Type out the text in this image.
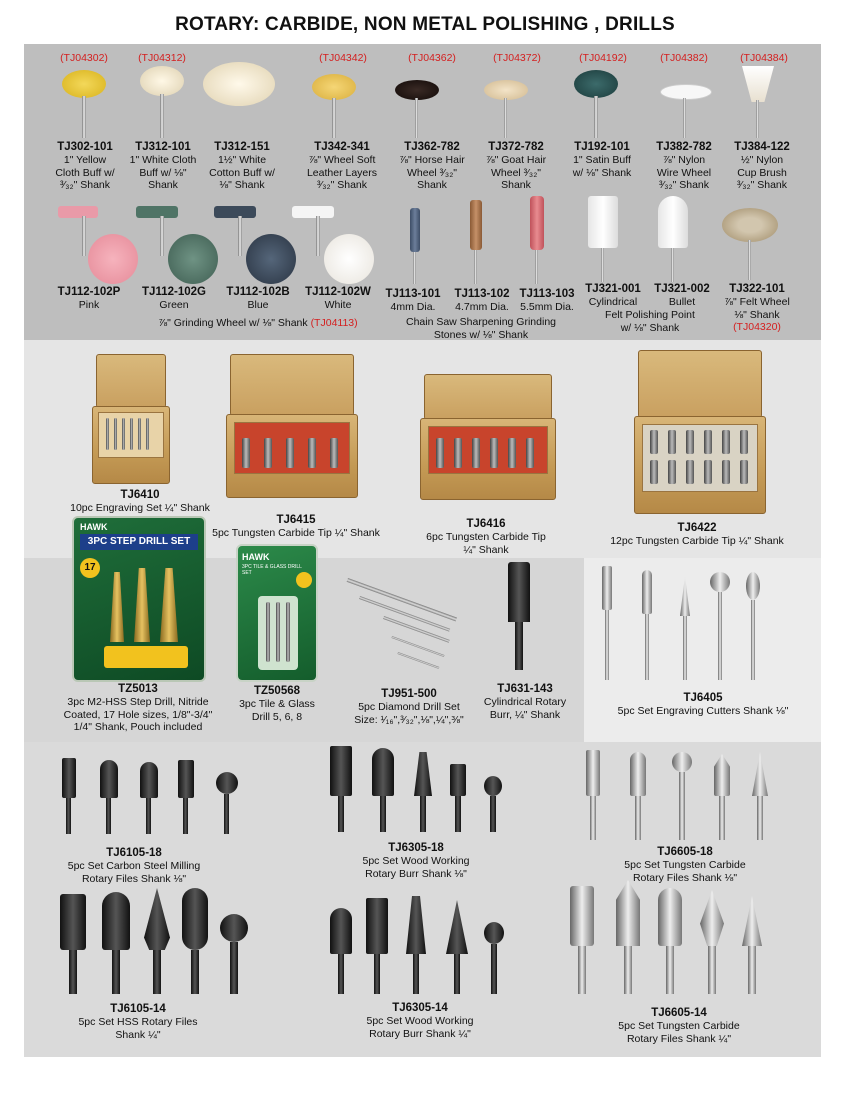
ROTARY: CARBIDE, NON METAL POLISHING , DRILLS
(TJ04302)	(TJ04312)	(TJ04342)	(TJ04362)	(TJ04372)	(TJ04192)	(TJ04382)	(TJ04384)
TJ302-101
1" Yellow
Cloth Buff w/
³⁄₃₂" Shank
TJ312-101
1" White Cloth
Buff w/ ⅛"
Shank
TJ312-151
1½" White
Cotton Buff w/
⅛" Shank
TJ342-341
⅞" Wheel Soft
Leather Layers
³⁄₃₂" Shank
TJ362-782
⅞" Horse Hair
Wheel ³⁄₃₂"
Shank
TJ372-782
⅞" Goat Hair
Wheel ³⁄₃₂"
Shank
TJ192-101
1" Satin Buff
w/ ⅛" Shank
TJ382-782
⅞" Nylon
Wire Wheel
³⁄₃₂" Shank
TJ384-122
½" Nylon
Cup Brush
³⁄₃₂" Shank
TJ112-102P
Pink
TJ112-102G
Green
TJ112-102B
Blue
TJ112-102W
White
⅞" Grinding Wheel w/ ⅛" Shank (TJ04113)
TJ113-101
4mm Dia.
TJ113-102
4.7mm Dia.
TJ113-103
5.5mm Dia.
Chain Saw Sharpening Grinding
Stones w/ ⅛" Shank
TJ321-001
Cylindrical
TJ321-002
Bullet
Felt Polishing Point
w/ ⅛" Shank
TJ322-101
⅞" Felt Wheel
⅛" Shank
(TJ04320)
TJ6410
10pc Engraving Set ¼" Shank
TJ6415
5pc Tungsten Carbide Tip ¼" Shank
TJ6416
6pc Tungsten Carbide Tip
¼" Shank
TJ6422
12pc Tungsten Carbide Tip ¼" Shank
HAWK
3PC STEP DRILL SET
17
HAWK
3PC TILE & GLASS DRILL SET
TZ5013
3pc M2-HSS Step Drill, Nitride
Coated, 17 Hole sizes, 1/8"-3/4"
1/4" Shank, Pouch included
TZ50568
3pc Tile & Glass
Drill 5, 6, 8
TJ951-500
5pc Diamond Drill Set
Size: ¹⁄₁₆",³⁄₃₂",⅛",¼",⅜"
TJ631-143
Cylindrical Rotary
Burr, ¼" Shank
TJ6405
5pc Set Engraving Cutters Shank ⅛"
TJ6105-18
5pc Set Carbon Steel Milling
Rotary Files Shank ⅛"
TJ6305-18
5pc Set Wood Working
Rotary Burr Shank ⅛"
TJ6605-18
5pc Set Tungsten Carbide
Rotary Files Shank ⅛"
TJ6105-14
5pc Set HSS Rotary Files
Shank ¼"
TJ6305-14
5pc Set Wood Working
Rotary Burr Shank ¼"
TJ6605-14
5pc Set Tungsten Carbide
Rotary Files Shank ¼"
